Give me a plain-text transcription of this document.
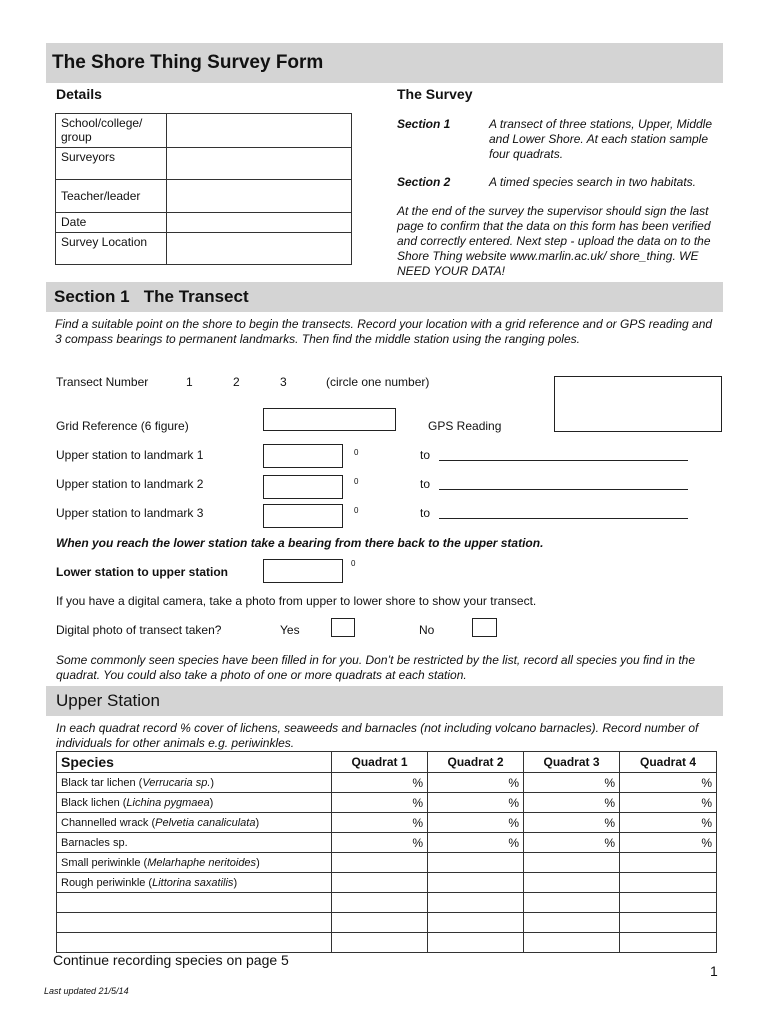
The Shore Thing Survey Form
Details
School/college/ group	
Surveyors	
Teacher/leader	
Date	
Survey Location	
The Survey
Section 1	A transect of three stations, Upper, Middle and Lower Shore. At each station sample four quadrats.
Section 2	A timed species search in two habitats.
At the end of the survey the supervisor should sign the last page to confirm that the data on this form has been verified and correctly entered. Next step - upload the data on to the Shore Thing website www.marlin.ac.uk/ shore_thing. WE NEED YOUR DATA!
Section 1   The Transect
Find a suitable point on the shore to begin the transects. Record your location with a grid reference and or GPS reading and 3 compass bearings to permanent landmarks. Then find the middle station using the ranging poles.
Transect Number	1	2	3	(circle one number)
Grid Reference (6 figure)	GPS Reading
Upper station to landmark 1	0	to
Upper station to landmark 2	0	to
Upper station to landmark 3	0	to
When you reach the lower station take a bearing from there back to the upper station.
Lower station to upper station
0
If you have a digital camera, take a photo from upper to lower shore to show your transect.
Digital photo of transect taken?	Yes	No
Some commonly seen species have been filled in for you. Don’t be restricted by the list, record all species you find in the quadrat. You could also take a photo of one or more quadrats at each station.
Upper Station
In each quadrat record % cover of lichens, seaweeds and barnacles (not including volcano barnacles). Record number of individuals for other animals e.g. periwinkles.
Species	Quadrat 1	Quadrat 2	Quadrat 3	Quadrat 4
Black tar lichen (Verrucaria sp.)	%	%	%	%
Black lichen (Lichina pygmaea)	%	%	%	%
Channelled wrack (Pelvetia canaliculata)	%	%	%	%
Barnacles sp.	%	%	%	%
Small periwinkle (Melarhaphe neritoides)				
Rough periwinkle (Littorina saxatilis)				

Continue recording species on page 5
1
Last updated 21/5/14
